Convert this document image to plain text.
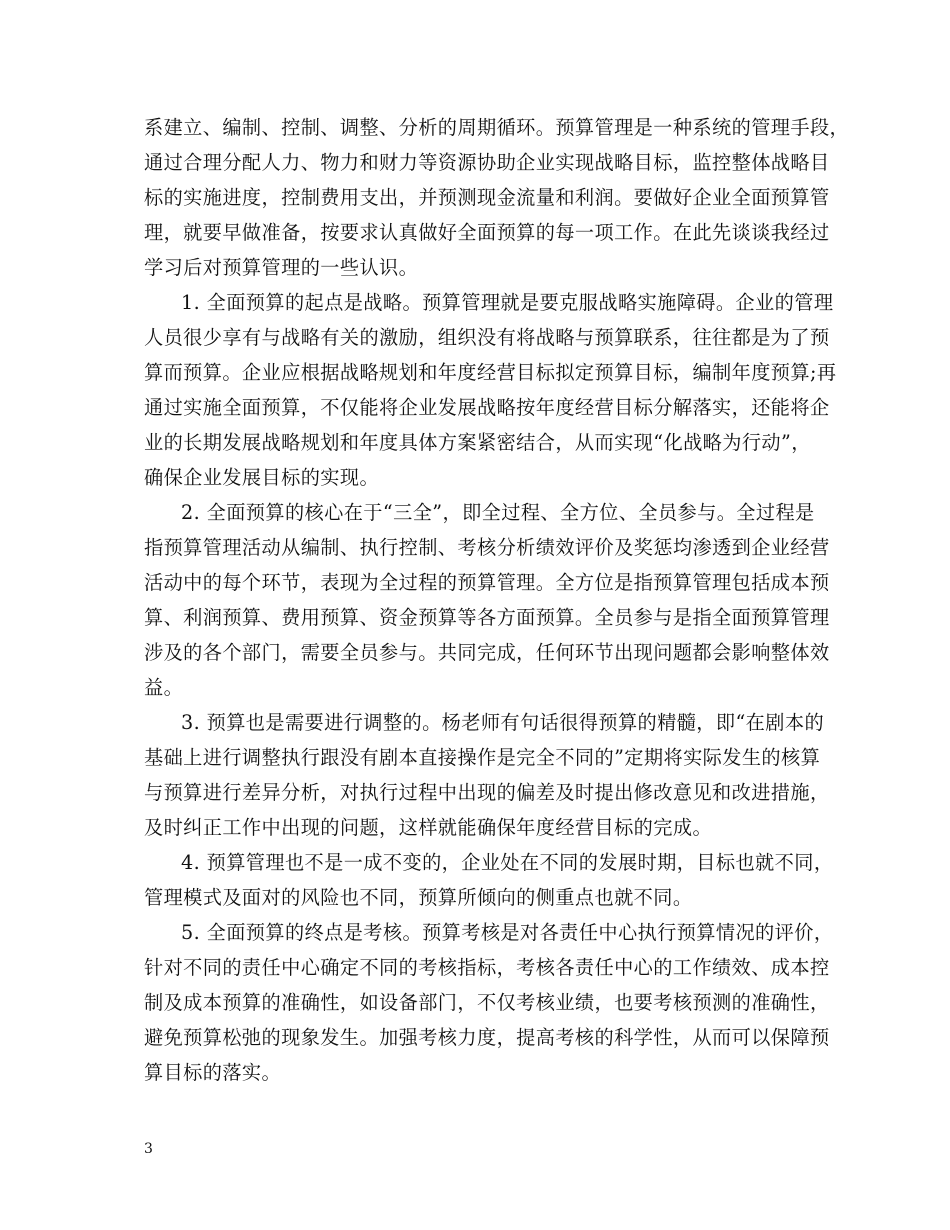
系建立、编制、控制、调整、分析的周期循环。预算管理是一种系统的管理手段，
通过合理分配人力、物力和财力等资源协助企业实现战略目标，监控整体战略目
标的实施进度，控制费用支出，并预测现金流量和利润。要做好企业全面预算管
理，就要早做准备，按要求认真做好全面预算的每一项工作。在此先谈谈我经过
学习后对预算管理的一些认识。
1. 全面预算的起点是战略。预算管理就是要克服战略实施障碍。企业的管理
人员很少享有与战略有关的激励，组织没有将战略与预算联系，往往都是为了预
算而预算。企业应根据战略规划和年度经营目标拟定预算目标，编制年度预算;再
通过实施全面预算，不仅能将企业发展战略按年度经营目标分解落实，还能将企
业的长期发展战略规划和年度具体方案紧密结合，从而实现“化战略为行动”，
确保企业发展目标的实现。
2. 全面预算的核心在于“三全”，即全过程、全方位、全员参与。全过程是
指预算管理活动从编制、执行控制、考核分析绩效评价及奖惩均渗透到企业经营
活动中的每个环节，表现为全过程的预算管理。全方位是指预算管理包括成本预
算、利润预算、费用预算、资金预算等各方面预算。全员参与是指全面预算管理
涉及的各个部门，需要全员参与。共同完成，任何环节出现问题都会影响整体效
益。
3. 预算也是需要进行调整的。杨老师有句话很得预算的精髓，即“在剧本的
基础上进行调整执行跟没有剧本直接操作是完全不同的”定期将实际发生的核算
与预算进行差异分析，对执行过程中出现的偏差及时提出修改意见和改进措施，
及时纠正工作中出现的问题，这样就能确保年度经营目标的完成。
4. 预算管理也不是一成不变的，企业处在不同的发展时期，目标也就不同，
管理模式及面对的风险也不同，预算所倾向的侧重点也就不同。
5. 全面预算的终点是考核。预算考核是对各责任中心执行预算情况的评价，
针对不同的责任中心确定不同的考核指标，考核各责任中心的工作绩效、成本控
制及成本预算的准确性，如设备部门，不仅考核业绩，也要考核预测的准确性，
避免预算松弛的现象发生。加强考核力度，提高考核的科学性，从而可以保障预
算目标的落实。
3
